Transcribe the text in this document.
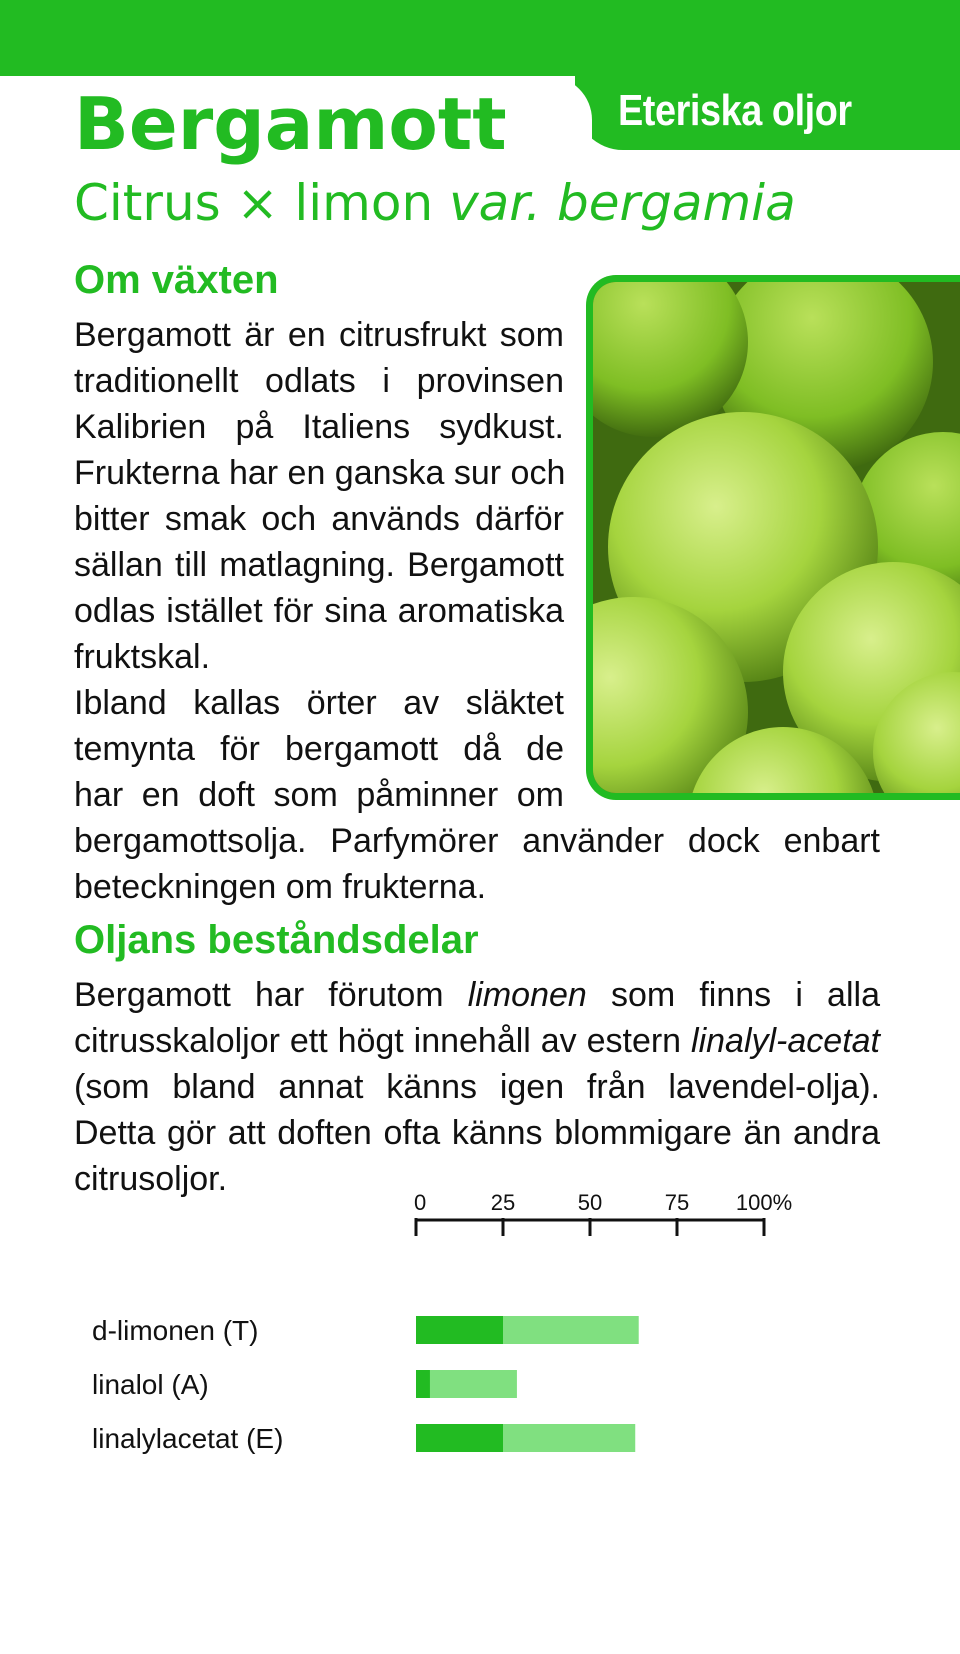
Eteriska oljor
Bergamott
Citrus × limon var. bergamia
Om växten
Bergamott är en citrusfrukt som
traditionellt odlats i provinsen
Kalibrien på Italiens sydkust.
Frukterna har en ganska sur och
bitter smak och används därför
sällan till matlagning. Bergamott
odlas istället för sina aromatiska
fruktskal.
Ibland kallas örter av släktet
temynta för bergamott då de
har en doft som påminner om
bergamottsolja. Parfymörer använder dock enbart
beteckningen om frukterna.
Oljans beståndsdelar

Bergamott har förutom limonen som finns i alla citrusskaloljor ett högt innehåll av estern linalyl-acetat (som bland annat känns igen från lavendel-olja). Detta gör att doften ofta känns blommigare än andra citrusoljor.

0	25	50	75 100%
d-limonen (T)
linalol (A)
linalylacetat (E)
